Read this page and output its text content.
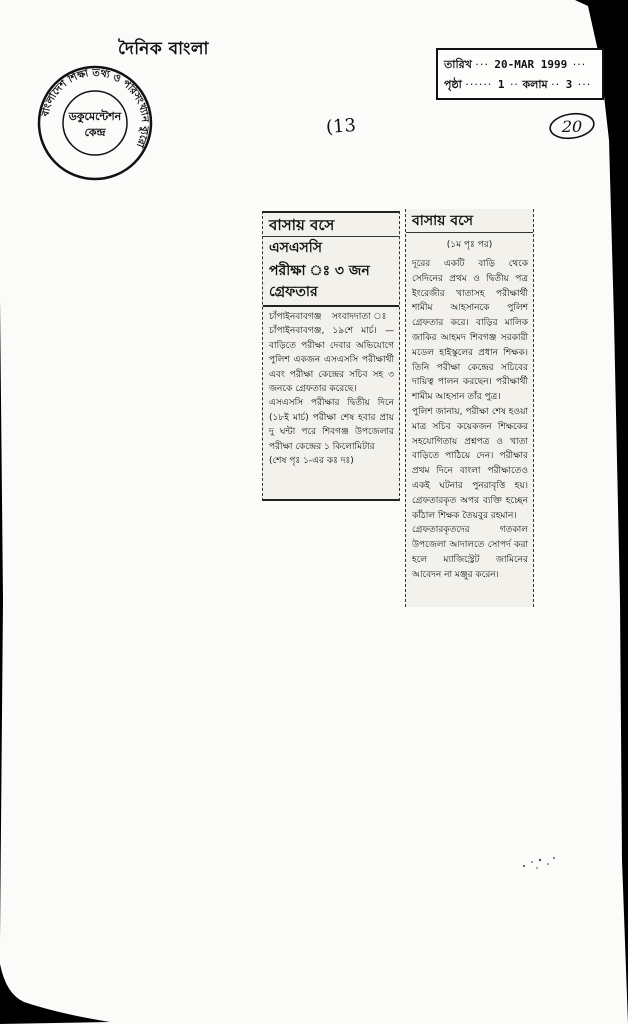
দৈনিক বাংলা
বাংলাদেশ শিক্ষা তথ্য ও পরিসংখ্যান ব্যুরো
ডকুমেন্টেশন
কেন্দ্র
তারিখ ··· 20-MAR 1999 ···
পৃষ্ঠা ······ 1 ·· কলাম ·· 3 ···
(13	20
বাসায় বসে
এসএসসি
পরীক্ষা ঃ ৩ জন
গ্রেফতার

চাঁপাইনবাবগঞ্জ সংবাদদাতা ঃ চাঁপাইনবাবগঞ্জ, ১৯শে মার্চ। — বাড়িতে পরীক্ষা দেবার অভিযোগে পুলিশ একজন এসএসসি পরীক্ষার্থী এবং পরীক্ষা কেন্দ্রের সচিব সহ ৩ জনকে গ্রেফতার করেছে।

এসএসসি পরীক্ষার দ্বিতীয় দিনে (১৮ই মার্চ) পরীক্ষা শেষ হবার প্রায় দু ঘন্টা পরে শিবগঞ্জ উপজেলার পরীক্ষা কেন্দ্রের ১ কিলোমিটার

(শেষ পৃঃ ১-এর কঃ দঃ)

বাসায় বসে
(১ম পৃঃ পর)

দূরের একটি বাড়ি থেকে সেদিনের প্রথম ও দ্বিতীয় পত্র ইংরেজীর খাতাসহ পরীক্ষার্থী শামীম আহসানকে পুলিশ গ্রেফতার করে। বাড়ির মালিক জাকির আহমদ শিবগঞ্জ সরকারী মডেল হাইস্কুলের প্রধান শিক্ষক। তিনি পরীক্ষা কেন্দ্রের সচিবের দায়িত্ব পালন করছেন। পরীক্ষার্থী শামীম আহসান তাঁর পুত্র।

পুলিশ জানায়, পরীক্ষা শেষ হওয়া মাত্র সচিব কয়েকজন শিক্ষকের সহযোগিতায় প্রশ্নপত্র ও খাতা বাড়িতে পাঠিয়ে দেন। পরীক্ষার প্রথম দিনে বাংলা পরীক্ষাতেও একই ঘটনার পুনরাবৃত্তি হয়। গ্রেফতারকৃত অপর ব্যক্তি হচ্ছেন কাঁঠাল শিক্ষক তৈয়বুর রহমান।

গ্রেফতারকৃতদের গতকাল উপজেলা আদালতে সোপর্দ করা হলে ম্যাজিস্ট্রেট জামিনের আবেদন না মঞ্জুর করেন।
